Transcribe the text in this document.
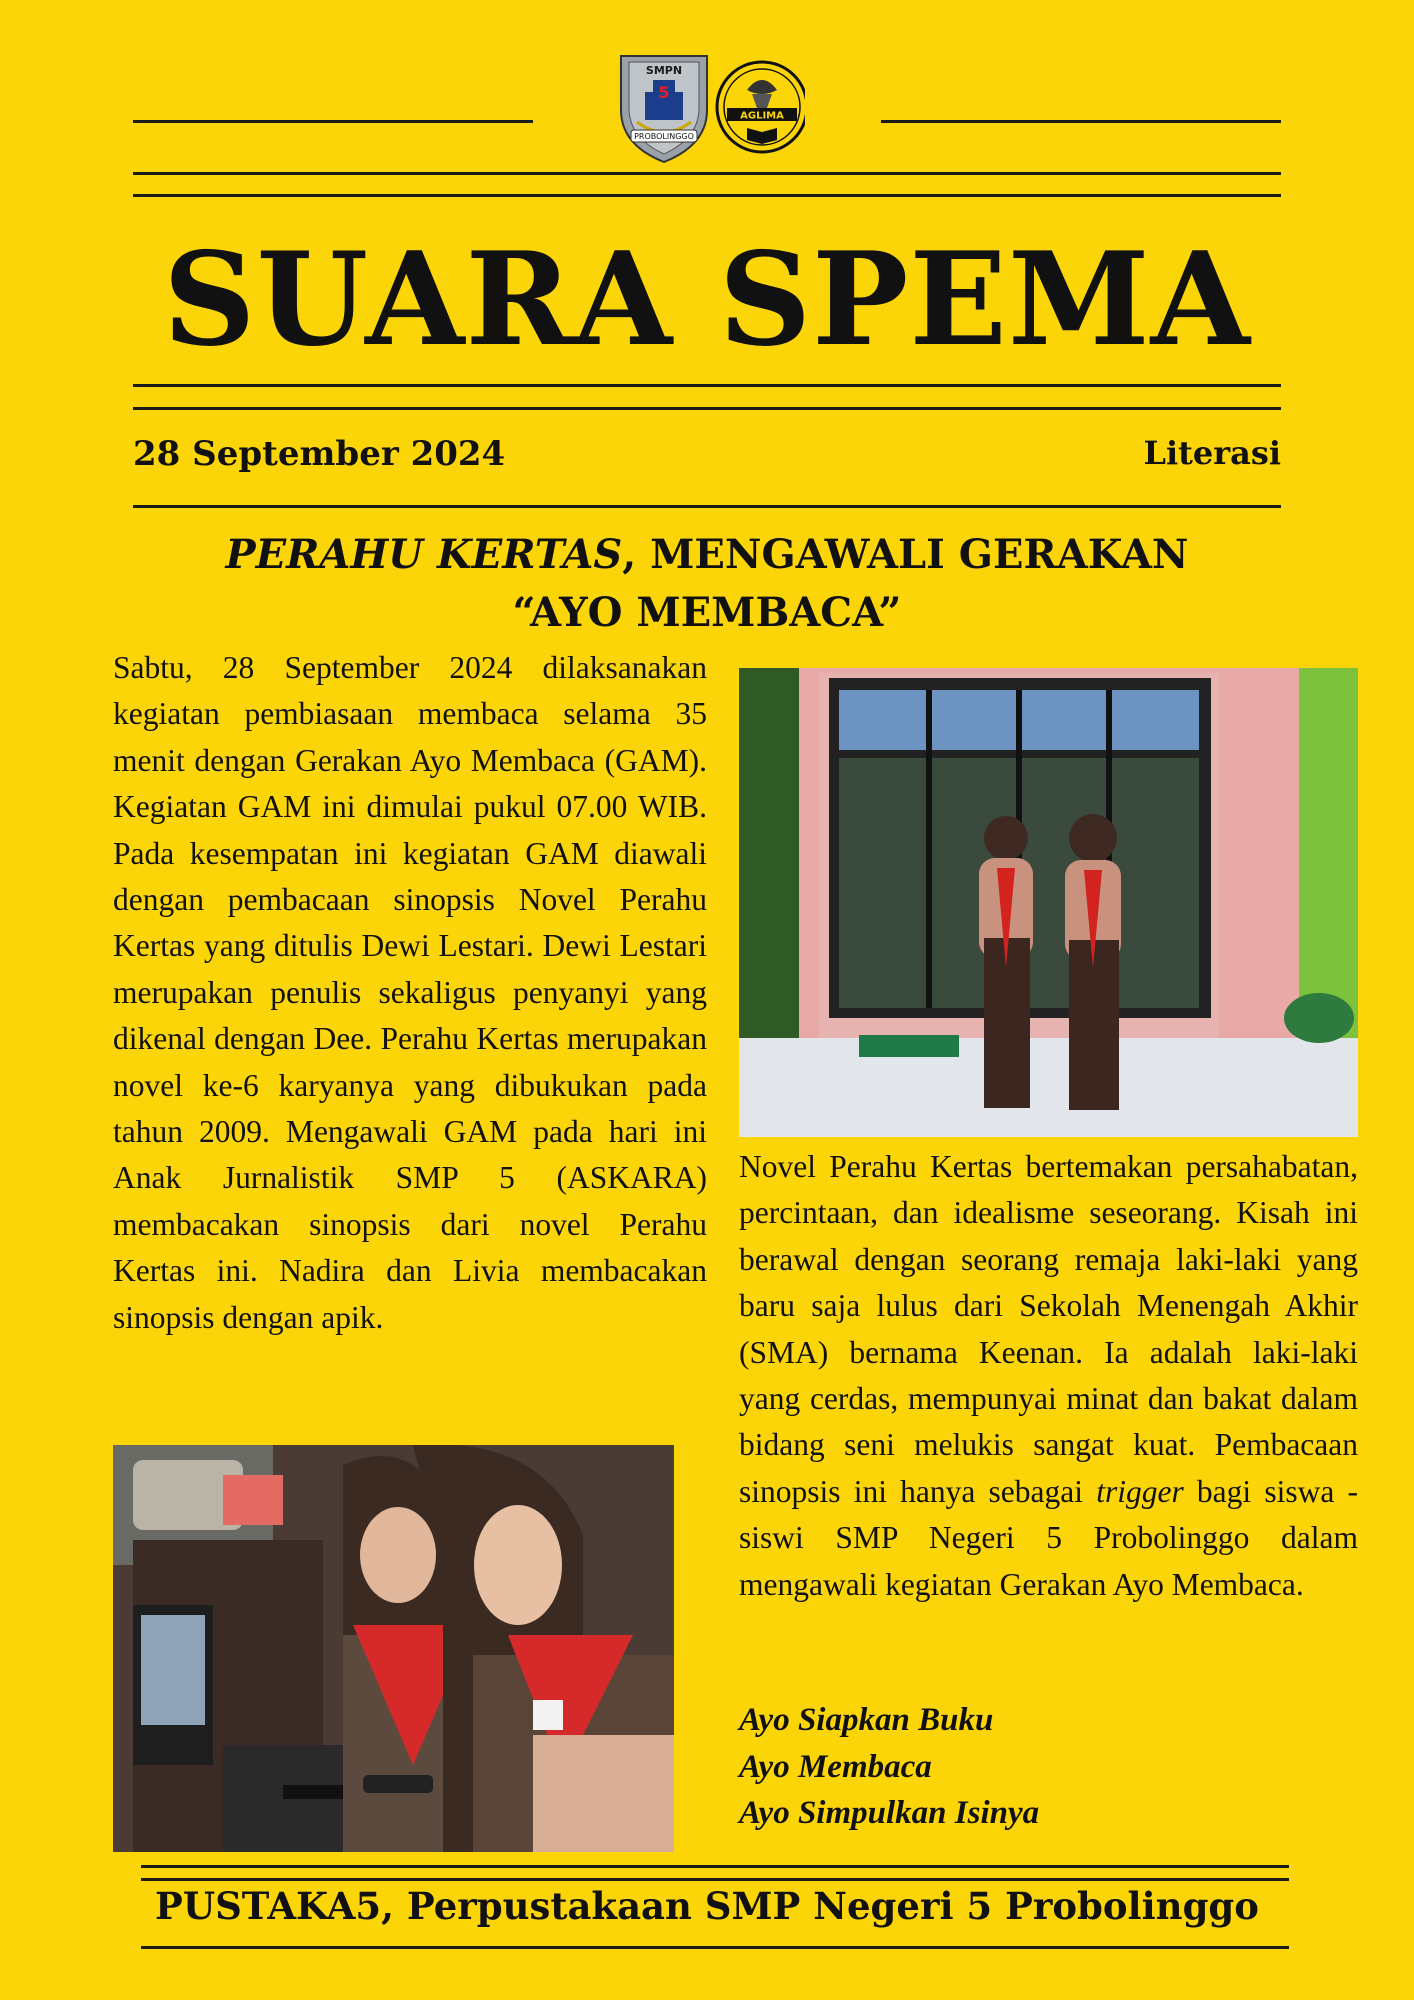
SMPN
5
PROBOLINGGO
AGLIMA
SUARA SPEMA
28 September 2024	Literasi
PERAHU KERTAS, MENGAWALI GERAKAN
“AYO MEMBACA”
Sabtu, 28 September 2024 dilaksanakan kegiatan pembiasaan membaca selama 35 menit dengan Gerakan Ayo Membaca (GAM). Kegiatan GAM ini dimulai pukul 07.00 WIB. Pada kesempatan ini kegiatan GAM diawali dengan pembacaan sinopsis Novel Perahu Kertas yang ditulis Dewi Lestari. Dewi Lestari merupakan penulis sekaligus penyanyi yang dikenal dengan Dee. Perahu Kertas merupakan novel ke-6 karyanya yang dibukukan pada tahun 2009. Mengawali GAM pada hari ini Anak Jurnalistik SMP 5 (ASKARA) membacakan sinopsis dari novel Perahu Kertas ini. Nadira dan Livia membacakan sinopsis dengan apik.
Novel Perahu Kertas bertemakan persahabatan, percintaan, dan idealisme seseorang. Kisah ini berawal dengan seorang remaja laki-laki yang baru saja lulus dari Sekolah Menengah Akhir (SMA) bernama Keenan. Ia adalah laki-laki yang cerdas, mempunyai minat dan bakat dalam bidang seni melukis sangat kuat. Pembacaan sinopsis ini hanya sebagai trigger bagi siswa -siswi SMP Negeri 5 Probolinggo dalam mengawali kegiatan Gerakan Ayo Membaca.
Ayo Siapkan Buku
Ayo Membaca
Ayo Simpulkan Isinya
PUSTAKA5, Perpustakaan SMP Negeri 5 Probolinggo
